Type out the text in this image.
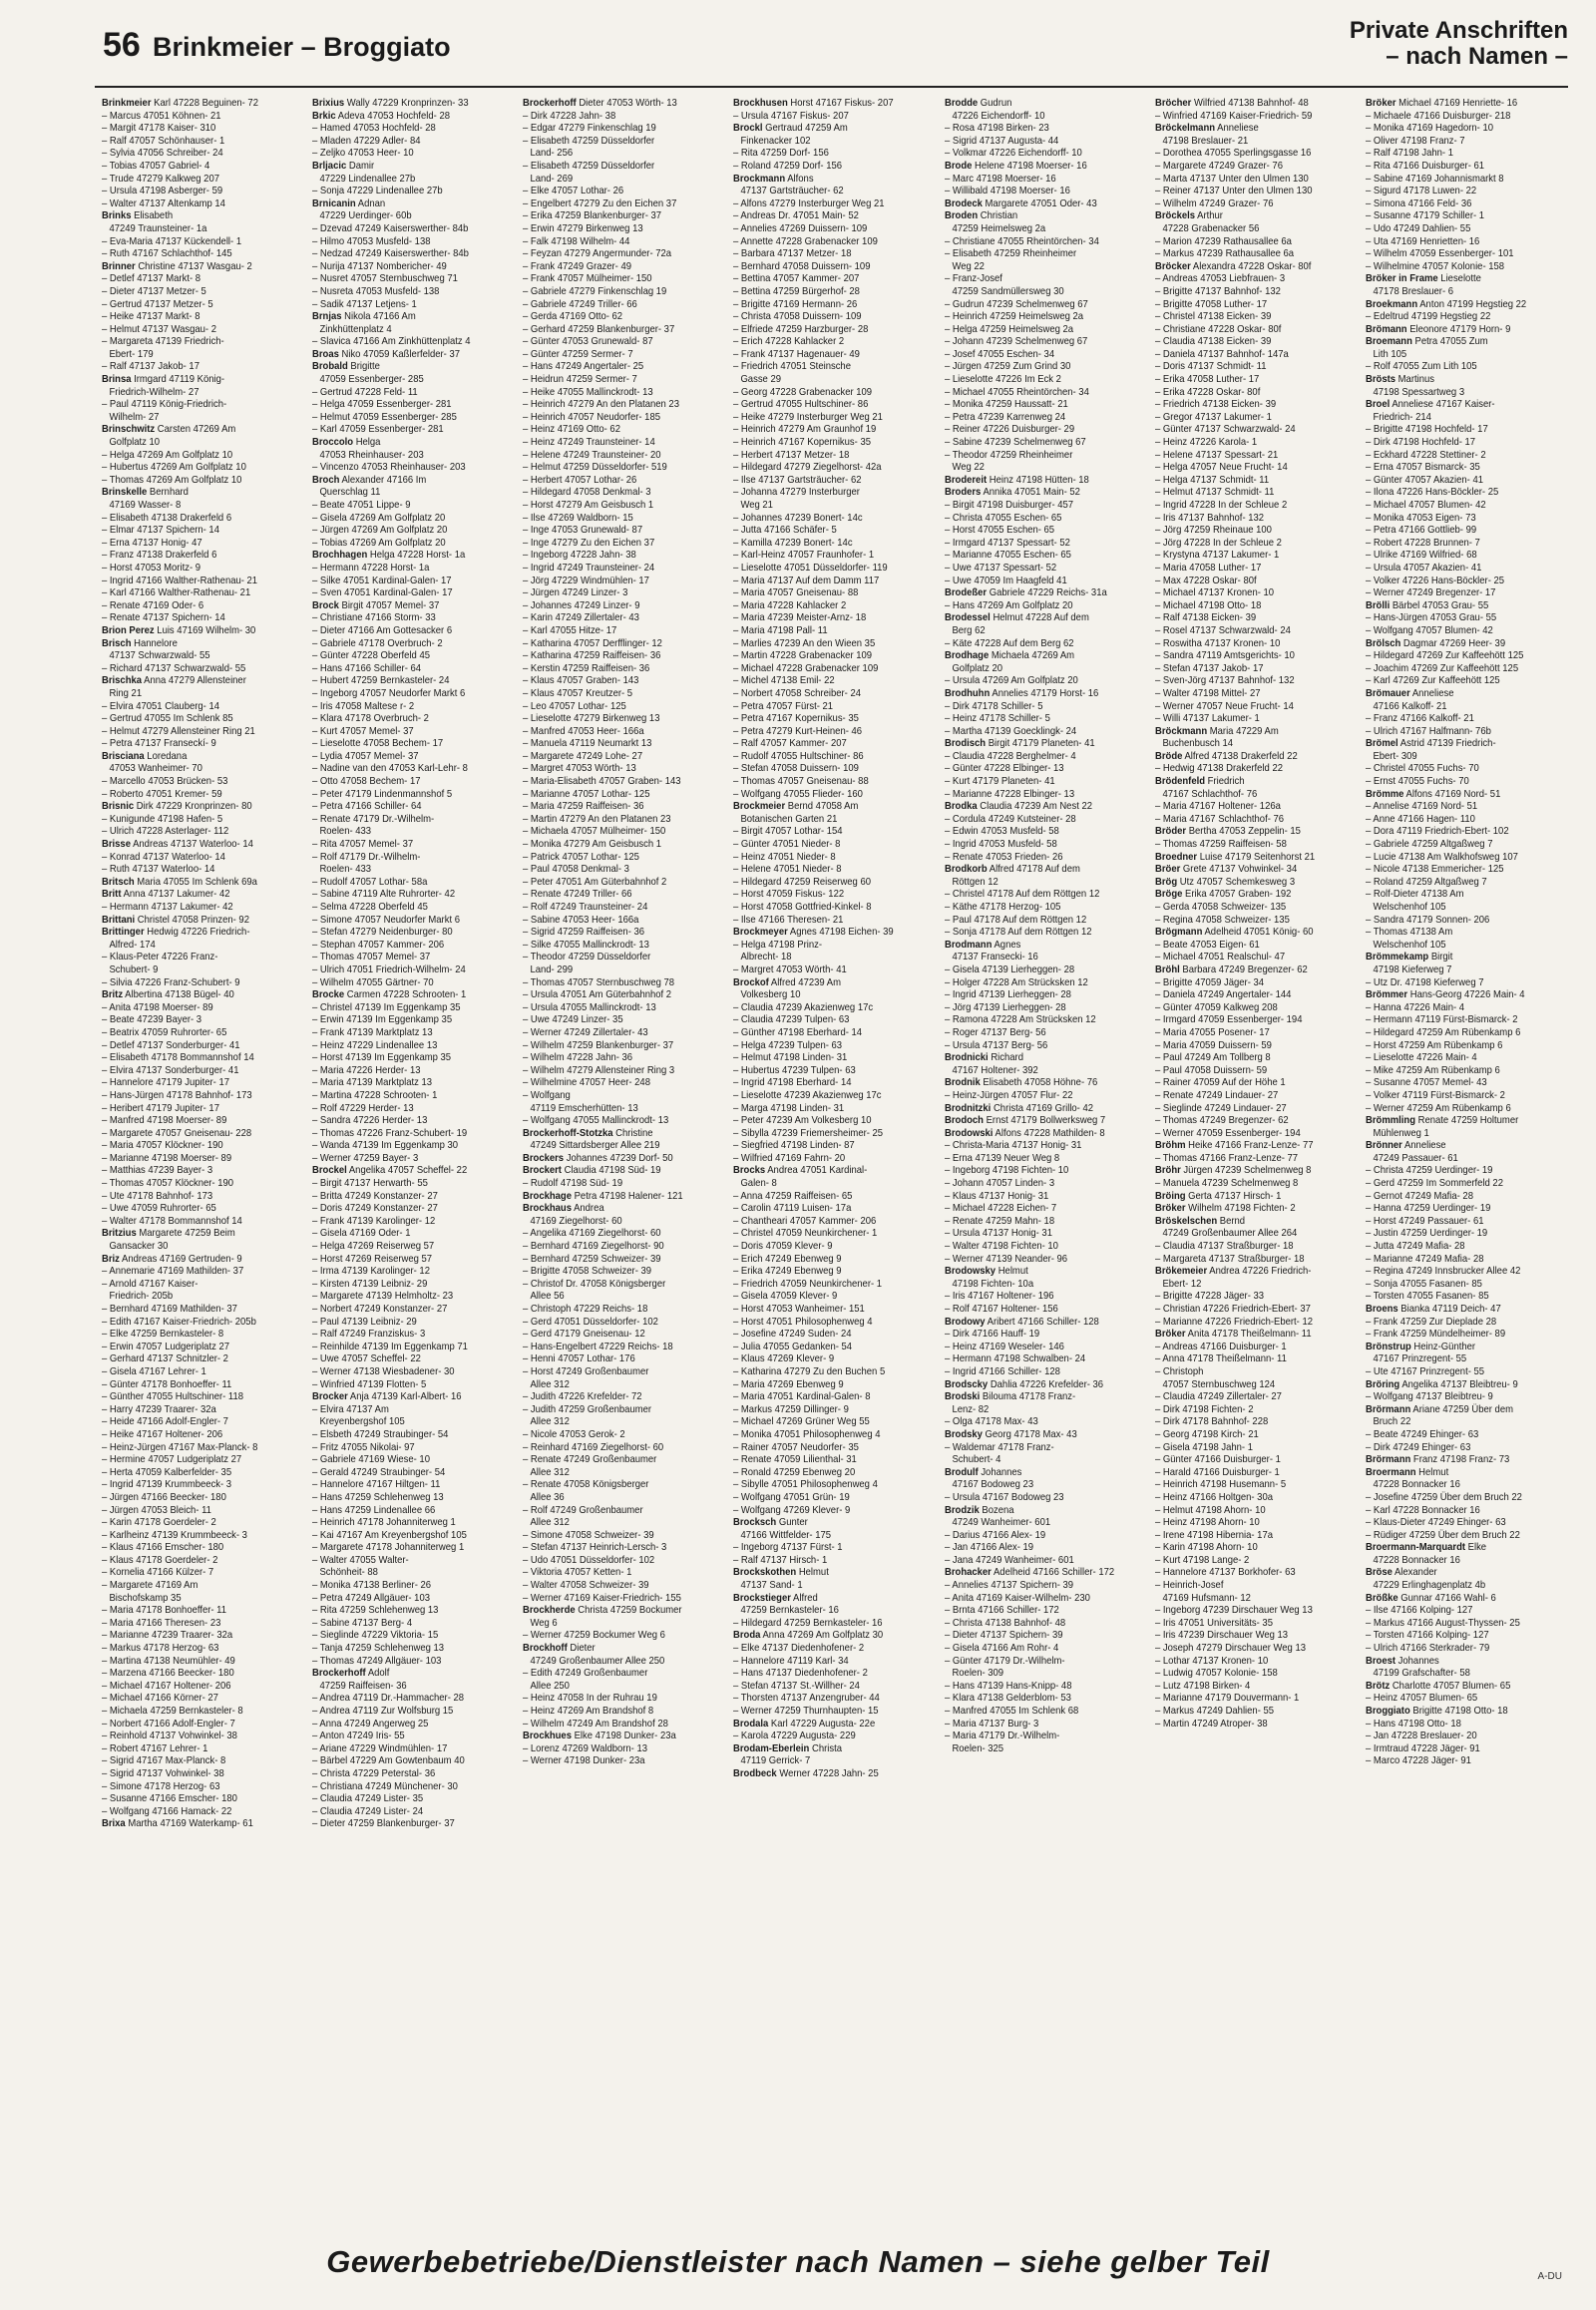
56 Brinkmeier – Broggiato
Private Anschriften
– nach Namen –
Brinkmeier Karl 47228 Beguinen- 72
– Marcus 47051 Köhnen- 21
– Margit 47178 Kaiser- 310
– Ralf 47057 Schönhauser- 1
– Sylvia 47056 Schreiber- 24
– Tobias 47057 Gabriel- 4
– Trude 47279 Kalkweg 207
– Ursula 47198 Asberger- 59
– Walter 47137 Altenkamp 14
Brinks Elisabeth
47249 Traunsteiner- 1a
– Eva-Maria 47137 Kückendell- 1
– Ruth 47167 Schlachthof- 145
Brinner Christine 47137 Wasgau- 2
– Detlef 47137 Markt- 8
– Dieter 47137 Metzer- 5
– Gertrud 47137 Metzer- 5
– Heike 47137 Markt- 8
– Helmut 47137 Wasgau- 2
– Margareta 47139 Friedrich-
Ebert- 179
– Ralf 47137 Jakob- 17
Brinsa Irmgard 47119 König-
Friedrich-Wilhelm- 27
– Paul 47119 König-Friedrich-
Wilhelm- 27
Brinschwitz Carsten 47269 Am
Golfplatz 10
– Helga 47269 Am Golfplatz 10
– Hubertus 47269 Am Golfplatz 10
– Thomas 47269 Am Golfplatz 10
Brinskelle Bernhard
47169 Wasser- 8
– Elisabeth 47138 Drakerfeld 6
– Elmar 47137 Spichern- 14
– Erna 47137 Honig- 47
– Franz 47138 Drakerfeld 6
– Horst 47053 Moritz- 9
– Ingrid 47166 Walther-Rathenau- 21
– Karl 47166 Walther-Rathenau- 21
– Renate 47169 Oder- 6
– Renate 47137 Spichern- 14
Brion Perez Luis 47169 Wilhelm- 30
Brisch Hannelore
47137 Schwarzwald- 55
– Richard 47137 Schwarzwald- 55
Brischka Anna 47279 Allensteiner
Ring 21
– Elvira 47051 Clauberg- 14
– Gertrud 47055 Im Schlenk 85
– Helmut 47279 Allensteiner Ring 21
– Petra 47137 Franseckí- 9
Brisciana Loredana
47053 Wanheimer- 70
– Marcello 47053 Brücken- 53
– Roberto 47051 Kremer- 59
Brisnic Dirk 47229 Kronprinzen- 80
– Kunigunde 47198 Hafen- 5
– Ulrich 47228 Asterlager- 112
Brisse Andreas 47137 Waterloo- 14
– Konrad 47137 Waterloo- 14
– Ruth 47137 Waterloo- 14
Britsch Maria 47055 Im Schlenk 69a
Britt Anna 47137 Lakumer- 42
– Hermann 47137 Lakumer- 42
Brittani Christel 47058 Prinzen- 92
Brittinger Hedwig 47226 Friedrich-
Alfred- 174
– Klaus-Peter 47226 Franz-
Schubert- 9
– Silvia 47226 Franz-Schubert- 9
Britz Albertina 47138 Bügel- 40
– Anita 47198 Moerser- 89
– Beate 47239 Bayer- 3
– Beatrix 47059 Ruhrorter- 65
– Detlef 47137 Sonderburger- 41
– Elisabeth 47178 Bommannshof 14
– Elvira 47137 Sonderburger- 41
– Hannelore 47179 Jupiter- 17
– Hans-Jürgen 47178 Bahnhof- 173
– Heribert 47179 Jupiter- 17
– Manfred 47198 Moerser- 89
– Margarete 47057 Gneisenau- 228
– Maria 47057 Klöckner- 190
– Marianne 47198 Moerser- 89
– Matthias 47239 Bayer- 3
– Thomas 47057 Klöckner- 190
– Ute 47178 Bahnhof- 173
– Uwe 47059 Ruhrorter- 65
– Walter 47178 Bommannshof 14
Britzius Margarete 47259 Beim
Gansacker 30
Briz Andreas 47169 Gertruden- 9
– Annemarie 47169 Mathilden- 37
– Arnold 47167 Kaiser-
Friedrich- 205b
– Bernhard 47169 Mathilden- 37
– Edith 47167 Kaiser-Friedrich- 205b
– Elke 47259 Bernkasteler- 8
– Erwin 47057 Ludgeriplatz 27
– Gerhard 47137 Schnitzler- 2
– Gisela 47167 Lehrer- 1
– Günter 47178 Bonhoeffer- 11
– Günther 47055 Hultschiner- 118
– Harry 47239 Traarer- 32a
– Heide 47166 Adolf-Engler- 7
– Heike 47167 Holtener- 206
– Heinz-Jürgen 47167 Max-Planck- 8
– Hermine 47057 Ludgeriplatz 27
– Herta 47059 Kalberfelder- 35
– Ingrid 47139 Krummbeeck- 3
– Jürgen 47166 Beecker- 180
– Jürgen 47053 Bleich- 11
– Karin 47178 Goerdeler- 2
– Karlheinz 47139 Krummbeeck- 3
– Klaus 47166 Emscher- 180
– Klaus 47178 Goerdeler- 2
– Kornelia 47166 Külzer- 7
– Margarete 47169 Am
Bischofskamp 35
– Maria 47178 Bonhoeffer- 11
– Maria 47166 Theresen- 23
– Marianne 47239 Traarer- 32a
– Markus 47178 Herzog- 63
– Martina 47138 Neumühler- 49
– Marzena 47166 Beecker- 180
– Michael 47167 Holtener- 206
– Michael 47166 Körner- 27
– Michaela 47259 Bernkasteler- 8
– Norbert 47166 Adolf-Engler- 7
– Reinhold 47137 Vohwinkel- 38
– Robert 47167 Lehrer- 1
– Sigrid 47167 Max-Planck- 8
– Sigrid 47137 Vohwinkel- 38
– Simone 47178 Herzog- 63
– Susanne 47166 Emscher- 180
– Wolfgang 47166 Hamack- 22
Brixa Martha 47169 Waterkamp- 61
Brixius Wally 47229 Kronprinzen- 33
Brkic Adeva 47053 Hochfeld- 28
– Hamed 47053 Hochfeld- 28
– Mladen 47229 Adler- 84
– Zeljko 47053 Heer- 10
Brljacic Damir
47229 Lindenallee 27b
– Sonja 47229 Lindenallee 27b
Brnicanin Adnan
47229 Uerdinger- 60b
– Dzevad 47249 Kaiserswerther- 84b
– Hilmo 47053 Musfeld- 138
– Nedzad 47249 Kaiserswerther- 84b
– Nurija 47137 Nombericher- 49
– Nusret 47057 Sternbuschweg 71
– Nusreta 47053 Musfeld- 138
– Sadik 47137 Letjens- 1
Brnjas Nikola 47166 Am
Zinkhüttenplatz 4
– Slavica 47166 Am Zinkhüttenplatz 4
Broas Niko 47059 Kaßlerfelder- 37
Brobald Brigitte
47059 Essenberger- 285
– Gertrud 47228 Feld- 11
– Helga 47059 Essenberger- 281
– Helmut 47059 Essenberger- 285
– Karl 47059 Essenberger- 281
Broccolo Helga
47053 Rheinhauser- 203
– Vincenzo 47053 Rheinhauser- 203
Broch Alexander 47166 Im
Querschlag 11
– Beate 47051 Lippe- 9
– Gisela 47269 Am Golfplatz 20
– Jürgen 47269 Am Golfplatz 20
– Tobias 47269 Am Golfplatz 20
Brochhagen Helga 47228 Horst- 1a
– Hermann 47228 Horst- 1a
– Silke 47051 Kardinal-Galen- 17
– Sven 47051 Kardinal-Galen- 17
Brock Birgit 47057 Memel- 37
– Christiane 47166 Storm- 33
– Dieter 47166 Am Gottesacker 6
– Gabriele 47178 Overbruch- 2
– Günter 47228 Oberfeld 45
– Hans 47166 Schiller- 64
– Hubert 47259 Bernkasteler- 24
– Ingeborg 47057 Neudorfer Markt 6
– Iris 47058 Maltese r- 2
– Klara 47178 Overbruch- 2
– Kurt 47057 Memel- 37
– Lieselotte 47058 Bechem- 17
– Lydia 47057 Memel- 37
– Nadine van den 47053 Karl-Lehr- 8
– Otto 47058 Bechem- 17
– Peter 47179 Lindenmannshof 5
– Petra 47166 Schiller- 64
– Renate 47179 Dr.-Wilhelm-
Roelen- 433
– Rita 47057 Memel- 37
– Rolf 47179 Dr.-Wilhelm-
Roelen- 433
– Rudolf 47057 Lothar- 58a
– Sabine 47119 Alte Ruhrorter- 42
– Selma 47228 Oberfeld 45
– Simone 47057 Neudorfer Markt 6
– Stefan 47279 Neidenburger- 80
– Stephan 47057 Kammer- 206
– Thomas 47057 Memel- 37
– Ulrich 47051 Friedrich-Wilhelm- 24
– Wilhelm 47055 Gärtner- 70
Brocke Carmen 47228 Schrooten- 1
– Christel 47139 Im Eggenkamp 35
– Erwin 47139 Im Eggenkamp 35
– Frank 47139 Marktplatz 13
– Heinz 47229 Lindenallee 13
– Horst 47139 Im Eggenkamp 35
– Maria 47226 Herder- 13
– Maria 47139 Marktplatz 13
– Martina 47228 Schrooten- 1
– Rolf 47229 Herder- 13
– Sandra 47226 Herder- 13
– Thomas 47226 Franz-Schubert- 19
– Wanda 47139 Im Eggenkamp 30
– Werner 47259 Bayer- 3
Brockel Angelika 47057 Scheffel- 22
– Birgit 47137 Herwarth- 55
– Britta 47249 Konstanzer- 27
– Doris 47249 Konstanzer- 27
– Frank 47139 Karolinger- 12
– Gisela 47169 Oder- 1
– Helga 47269 Reiserweg 57
– Horst 47269 Reiserweg 57
– Irma 47139 Karolinger- 12
– Kirsten 47139 Leibniz- 29
– Margarete 47139 Helmholtz- 23
– Norbert 47249 Konstanzer- 27
– Paul 47139 Leibniz- 29
– Ralf 47249 Franziskus- 3
– Reinhilde 47139 Im Eggenkamp 71
– Uwe 47057 Scheffel- 22
– Werner 47138 Wiesbadener- 30
– Winfried 47139 Flotten- 5
Brocker Anja 47139 Karl-Albert- 16
– Elvira 47137 Am
Kreyenbergshof 105
– Elsbeth 47249 Straubinger- 54
– Fritz 47055 Nikolai- 97
– Gabriele 47169 Wiese- 10
– Gerald 47249 Straubinger- 54
– Hannelore 47167 Hiltgen- 11
– Hans 47259 Schlehenweg 13
– Hans 47259 Lindenallee 66
– Heinrich 47178 Johanniterweg 1
– Kai 47167 Am Kreyenbergshof 105
– Margarete 47178 Johanniterweg 1
– Walter 47055 Walter-
Schönheit- 88
– Monika 47138 Berliner- 26
– Petra 47249 Allgäuer- 103
– Rita 47259 Schlehenweg 13
– Sabine 47137 Berg- 4
– Sieglinde 47229 Viktoria- 15
– Tanja 47259 Schlehenweg 13
– Thomas 47249 Allgäuer- 103
Brockerhoff Adolf
47259 Raiffeisen- 36
– Andrea 47119 Dr.-Hammacher- 28
– Andrea 47119 Zur Wolfsburg 15
– Anna 47249 Angerweg 25
– Anton 47249 Iris- 55
– Ariane 47229 Windmühlen- 17
– Bärbel 47229 Am Gowtenbaum 40
– Christa 47229 Peterstal- 36
– Christiana 47249 Münchener- 30
– Claudia 47249 Lister- 35
– Claudia 47249 Lister- 24
– Dieter 47259 Blankenburger- 37
Brockerhoff Dieter 47053 Wörth- 13
– Dirk 47228 Jahn- 38
– Edgar 47279 Finkenschlag 19
– Elisabeth 47259 Düsseldorfer
Land- 256
– Elisabeth 47259 Düsseldorfer
Land- 269
– Elke 47057 Lothar- 26
– Engelbert 47279 Zu den Eichen 37
– Erika 47259 Blankenburger- 37
– Erwin 47279 Birkenweg 13
– Falk 47198 Wilhelm- 44
– Feyzan 47279 Angermunder- 72a
– Frank 47249 Grazer- 49
– Frank 47057 Mülheimer- 150
– Gabriele 47279 Finkenschlag 19
– Gabriele 47249 Triller- 66
– Gerda 47169 Otto- 62
– Gerhard 47259 Blankenburger- 37
– Günter 47053 Grunewald- 87
– Günter 47259 Sermer- 7
– Hans 47249 Angertaler- 25
– Heidrun 47259 Sermer- 7
– Heike 47055 Mallinckrodt- 13
– Heinrich 47279 An den Platanen 23
– Heinrich 47057 Neudorfer- 185
– Heinz 47169 Otto- 62
– Heinz 47249 Traunsteiner- 14
– Helene 47249 Traunsteiner- 20
– Helmut 47259 Düsseldorfer- 519
– Herbert 47057 Lothar- 26
– Hildegard 47058 Denkmal- 3
– Horst 47279 Am Geisbusch 1
– Ilse 47269 Waldborn- 15
– Inge 47053 Grunewald- 87
– Inge 47279 Zu den Eichen 37
– Ingeborg 47228 Jahn- 38
– Ingrid 47249 Traunsteiner- 24
– Jörg 47229 Windmühlen- 17
– Jürgen 47249 Linzer- 3
– Johannes 47249 Linzer- 9
– Karin 47249 Zillertaler- 43
– Karl 47055 Hitze- 17
– Katharina 47057 Derfflinger- 12
– Katharina 47259 Raiffeisen- 36
– Kerstin 47259 Raiffeisen- 36
– Klaus 47057 Graben- 143
– Klaus 47057 Kreutzer- 5
– Leo 47057 Lothar- 125
– Lieselotte 47279 Birkenweg 13
– Manfred 47053 Heer- 166a
– Manuela 47119 Neumarkt 13
– Margarete 47249 Lohe- 27
– Margret 47053 Wörth- 13
– Maria-Elisabeth 47057 Graben- 143
– Marianne 47057 Lothar- 125
– Maria 47259 Raiffeisen- 36
– Martin 47279 An den Platanen 23
– Michaela 47057 Mülheimer- 150
– Monika 47279 Am Geisbusch 1
– Patrick 47057 Lothar- 125
– Paul 47058 Denkmal- 3
– Peter 47051 Am Güterbahnhof 2
– Renate 47249 Triller- 66
– Rolf 47249 Traunsteiner- 24
– Sabine 47053 Heer- 166a
– Sigrid 47259 Raiffeisen- 36
– Silke 47055 Mallinckrodt- 13
– Theodor 47259 Düsseldorfer
Land- 299
– Thomas 47057 Sternbuschweg 78
– Ursula 47051 Am Güterbahnhof 2
– Ursula 47055 Mallinckrodt- 13
– Uwe 47249 Linzer- 35
– Werner 47249 Zillertaler- 43
– Wilhelm 47259 Blankenburger- 37
– Wilhelm 47228 Jahn- 36
– Wilhelm 47279 Allensteiner Ring 3
– Wilhelmine 47057 Heer- 248
– Wolfgang
47119 Emscherhütten- 13
– Wolfgang 47055 Mallinckrodt- 13
Brockerhoff-Stotzka Christine
47249 Sittardsberger Allee 219
Brockers Johannes 47239 Dorf- 50
Brockert Claudia 47198 Süd- 19
– Rudolf 47198 Süd- 19
Brockhage Petra 47198 Halener- 121
Brockhaus Andrea
47169 Ziegelhorst- 60
– Angelika 47169 Ziegelhorst- 60
– Bernhard 47169 Ziegelhorst- 90
– Bernhard 47259 Schweizer- 39
– Brigitte 47058 Schweizer- 39
– Christof Dr. 47058 Königsberger
Allee 56
– Christoph 47229 Reichs- 18
– Gerd 47051 Düsseldorfer- 102
– Gerd 47179 Gneisenau- 12
– Hans-Engelbert 47229 Reichs- 18
– Henni 47057 Lothar- 176
– Horst 47249 Großenbaumer
Allee 312
– Judith 47226 Krefelder- 72
– Judith 47259 Großenbaumer
Allee 312
– Nicole 47053 Gerok- 2
– Reinhard 47169 Ziegelhorst- 60
– Renate 47249 Großenbaumer
Allee 312
– Renate 47058 Königsberger
Allee 36
– Rolf 47249 Großenbaumer
Allee 312
– Simone 47058 Schweizer- 39
– Stefan 47137 Heinrich-Lersch- 3
– Udo 47051 Düsseldorfer- 102
– Viktoria 47057 Ketten- 1
– Walter 47058 Schweizer- 39
– Werner 47169 Kaiser-Friedrich- 155
Brockherde Christa 47259 Bockumer
Weg 6
– Werner 47259 Bockumer Weg 6
Brockhoff Dieter
47249 Großenbaumer Allee 250
– Edith 47249 Großenbaumer
Allee 250
– Heinz 47058 In der Ruhrau 19
– Heinz 47269 Am Brandshof 8
– Wilhelm 47249 Am Brandshof 28
Brockhues Elke 47198 Dunker- 23a
– Lorenz 47269 Waldborn- 13
– Werner 47198 Dunker- 23a
Brockhusen Horst 47167 Fiskus- 207
– Ursula 47167 Fiskus- 207
Brockl Gertraud 47259 Am
Finkenacker 102
– Rita 47259 Dorf- 156
– Roland 47259 Dorf- 156
Brockmann Alfons
47137 Gartsträucher- 62
– Alfons 47279 Insterburger Weg 21
– Andreas Dr. 47051 Main- 52
– Annelies 47269 Duissern- 109
– Annette 47228 Grabenacker 109
– Barbara 47137 Metzer- 18
– Bernhard 47058 Duissern- 109
– Bettina 47057 Kammer- 207
– Bettina 47259 Bürgerhof- 28
– Brigitte 47169 Hermann- 26
– Christa 47058 Duissern- 109
– Elfriede 47259 Harzburger- 28
– Erich 47228 Kahlacker 2
– Frank 47137 Hagenauer- 49
– Friedrich 47051 Steinsche
Gasse 29
– Georg 47228 Grabenacker 109
– Gertrud 47055 Hultschiner- 86
– Heike 47279 Insterburger Weg 21
– Heinrich 47279 Am Graunhof 19
– Heinrich 47167 Kopernikus- 35
– Herbert 47137 Metzer- 18
– Hildegard 47279 Ziegelhorst- 42a
– Ilse 47137 Gartsträucher- 62
– Johanna 47279 Insterburger
Weg 21
– Johannes 47239 Bonert- 14c
– Jutta 47166 Schäfer- 5
– Kamilla 47239 Bonert- 14c
– Karl-Heinz 47057 Fraunhofer- 1
– Lieselotte 47051 Düsseldorfer- 119
– Maria 47137 Auf dem Damm 117
– Maria 47057 Gneisenau- 88
– Maria 47228 Kahlacker 2
– Maria 47239 Meister-Arnz- 18
– Maria 47198 Pall- 11
– Marlies 47239 An den Wieen 35
– Martin 47228 Grabenacker 109
– Michael 47228 Grabenacker 109
– Michel 47138 Emil- 22
– Norbert 47058 Schreiber- 24
– Petra 47057 Fürst- 21
– Petra 47167 Kopernikus- 35
– Petra 47279 Kurt-Heinen- 46
– Ralf 47057 Kammer- 207
– Rudolf 47055 Hultschiner- 86
– Stefan 47058 Duissern- 109
– Thomas 47057 Gneisenau- 88
– Wolfgang 47055 Flieder- 160
Brockmeier Bernd 47058 Am
Botanischen Garten 21
– Birgit 47057 Lothar- 154
– Günter 47051 Nieder- 8
– Heinz 47051 Nieder- 8
– Helene 47051 Nieder- 8
– Hildegard 47259 Reiserweg 60
– Horst 47059 Fiskus- 122
– Horst 47058 Gottfried-Kinkel- 8
– Ilse 47166 Theresen- 21
Brockmeyer Agnes 47198 Eichen- 39
– Helga 47198 Prinz-
Albrecht- 18
– Margret 47053 Wörth- 41
Brockof Alfred 47239 Am
Volkesberg 10
– Claudia 47239 Akazienweg 17c
– Claudia 47239 Tulpen- 63
– Günther 47198 Eberhard- 14
– Helga 47239 Tulpen- 63
– Helmut 47198 Linden- 31
– Hubertus 47239 Tulpen- 63
– Ingrid 47198 Eberhard- 14
– Lieselotte 47239 Akazienweg 17c
– Marga 47198 Linden- 31
– Peter 47239 Am Volkesberg 10
– Sibylla 47239 Friemersheimer- 25
– Siegfried 47198 Linden- 87
– Wilfried 47169 Fahrn- 20
Brocks Andrea 47051 Kardinal-
Galen- 8
– Anna 47259 Raiffeisen- 65
– Carolin 47119 Luisen- 17a
– Chantheari 47057 Kammer- 206
– Christel 47059 Neunkirchener- 1
– Doris 47059 Klever- 9
– Erich 47249 Ebenweg 9
– Erika 47249 Ebenweg 9
– Friedrich 47059 Neunkirchener- 1
– Gisela 47059 Klever- 9
– Horst 47053 Wanheimer- 151
– Horst 47051 Philosophenweg 4
– Josefine 47249 Suden- 24
– Julia 47055 Gedanken- 54
– Klaus 47269 Klever- 9
– Katharina 47279 Zu den Buchen 5
– Maria 47269 Ebenweg 9
– Maria 47051 Kardinal-Galen- 8
– Markus 47259 Dillinger- 9
– Michael 47269 Grüner Weg 55
– Monika 47051 Philosophenweg 4
– Rainer 47057 Neudorfer- 35
– Renate 47059 Lilienthal- 31
– Ronald 47259 Ebenweg 20
– Sibylle 47051 Philosophenweg 4
– Wolfgang 47051 Grün- 19
– Wolfgang 47269 Klever- 9
Brocksch Gunter
47166 Wittfelder- 175
– Ingeborg 47137 Fürst- 1
– Ralf 47137 Hirsch- 1
Brockskothen Helmut
47137 Sand- 1
Brockstieger Alfred
47259 Bernkasteler- 16
– Hildegard 47259 Bernkasteler- 16
Broda Anna 47269 Am Golfplatz 30
– Elke 47137 Diedenhofener- 2
– Hannelore 47119 Karl- 34
– Hans 47137 Diedenhofener- 2
– Stefan 47137 St.-Willher- 24
– Thorsten 47137 Anzengruber- 44
– Werner 47259 Thurnhaupten- 15
Brodala Karl 47229 Augusta- 22e
– Karola 47229 Augusta- 229
Brodam-Eberlein Christa
47119 Gerrick- 7
Brodbeck Werner 47228 Jahn- 25
Brodde Gudrun
47226 Eichendorff- 10
– Rosa 47198 Birken- 23
– Sigrid 47137 Augusta- 44
– Volkmar 47226 Eichendorff- 10
Brode Helene 47198 Moerser- 16
– Marc 47198 Moerser- 16
– Willibald 47198 Moerser- 16
Brodeck Margarete 47051 Oder- 43
Broden Christian
47259 Heimelsweg 2a
– Christiane 47055 Rheintörchen- 34
– Elisabeth 47259 Rheinheimer
Weg 22
– Franz-Josef
47259 Sandmüllersweg 30
– Gudrun 47239 Schelmenweg 67
– Heinrich 47259 Heimelsweg 2a
– Helga 47259 Heimelsweg 2a
– Johann 47239 Schelmenweg 67
– Josef 47055 Eschen- 34
– Jürgen 47259 Zum Grind 30
– Lieselotte 47226 Im Eck 2
– Michael 47055 Rheintörchen- 34
– Monika 47259 Haussatt- 21
– Petra 47239 Karrenweg 24
– Reiner 47226 Duisburger- 29
– Sabine 47239 Schelmenweg 67
– Theodor 47259 Rheinheimer
Weg 22
Brodereit Heinz 47198 Hütten- 18
Broders Annika 47051 Main- 52
– Birgit 47198 Duisburger- 457
– Christa 47055 Eschen- 65
– Horst 47055 Eschen- 65
– Irmgard 47137 Spessart- 52
– Marianne 47055 Eschen- 65
– Uwe 47137 Spessart- 52
– Uwe 47059 Im Haagfeld 41
Brodeßer Gabriele 47229 Reichs- 31a
– Hans 47269 Am Golfplatz 20
Brodessel Helmut 47228 Auf dem
Berg 62
– Käte 47228 Auf dem Berg 62
Brodhage Michaela 47269 Am
Golfplatz 20
– Ursula 47269 Am Golfplatz 20
Brodhuhn Annelies 47179 Horst- 16
– Dirk 47178 Schiller- 5
– Heinz 47178 Schiller- 5
– Martha 47139 Goecklingk- 24
Brodisch Birgit 47179 Planeten- 41
– Claudia 47228 Berghelmer- 4
– Günter 47228 Elbinger- 13
– Kurt 47179 Planeten- 41
– Marianne 47228 Elbinger- 13
Brodka Claudia 47239 Am Nest 22
– Cordula 47249 Kutsteiner- 28
– Edwin 47053 Musfeld- 58
– Ingrid 47053 Musfeld- 58
– Renate 47053 Frieden- 26
Brodkorb Alfred 47178 Auf dem
Röttgen 12
– Christel 47178 Auf dem Röttgen 12
– Käthe 47178 Herzog- 105
– Paul 47178 Auf dem Röttgen 12
– Sonja 47178 Auf dem Röttgen 12
Brodmann Agnes
47137 Fransecki- 16
– Gisela 47139 Lierheggen- 28
– Holger 47228 Am Strücksken 12
– Ingrid 47139 Lierheggen- 28
– Jörg 47139 Lierheggen- 28
– Ramona 47228 Am Strücksken 12
– Roger 47137 Berg- 56
– Ursula 47137 Berg- 56
Brodnicki Richard
47167 Holtener- 392
Brodnik Elisabeth 47058 Höhne- 76
– Heinz-Jürgen 47057 Flur- 22
Brodnitzki Christa 47169 Grillo- 42
Brodoch Ernst 47179 Bollwerksweg 7
Brodowski Alfons 47228 Mathilden- 8
– Christa-Maria 47137 Honig- 31
– Erna 47139 Neuer Weg 8
– Ingeborg 47198 Fichten- 10
– Johann 47057 Linden- 3
– Klaus 47137 Honig- 31
– Michael 47228 Eichen- 7
– Renate 47259 Mahn- 18
– Ursula 47137 Honig- 31
– Walter 47198 Fichten- 10
– Werner 47139 Neander- 96
Brodowsky Helmut
47198 Fichten- 10a
– Iris 47167 Holtener- 196
– Rolf 47167 Holtener- 156
Brodowy Aribert 47166 Schiller- 128
– Dirk 47166 Hauff- 19
– Heinz 47169 Weseler- 146
– Hermann 47198 Schwalben- 24
– Ingrid 47166 Schiller- 128
Brodscky Dahlia 47226 Krefelder- 36
Brodski Bilouma 47178 Franz-
Lenz- 82
– Olga 47178 Max- 43
Brodsky Georg 47178 Max- 43
– Waldemar 47178 Franz-
Schubert- 4
Brodulf Johannes
47167 Bodoweg 23
– Ursula 47167 Bodoweg 23
Brodzik Bozena
47249 Wanheimer- 601
– Darius 47166 Alex- 19
– Jan 47166 Alex- 19
– Jana 47249 Wanheimer- 601
Brohacker Adelheid 47166 Schiller- 172
– Annelies 47137 Spichern- 39
– Anita 47169 Kaiser-Wilhelm- 230
– Brnta 47166 Schiller- 172
– Christa 47138 Bahnhof- 48
– Dieter 47137 Spichern- 39
– Gisela 47166 Am Rohr- 4
– Günter 47179 Dr.-Wilhelm-
Roelen- 309
– Hans 47139 Hans-Knipp- 48
– Klara 47138 Gelderblom- 53
– Manfred 47055 Im Schlenk 68
– Maria 47137 Burg- 3
– Maria 47179 Dr.-Wilhelm-
Roelen- 325
Bröcher Wilfried 47138 Bahnhof- 48
– Winfried 47169 Kaiser-Friedrich- 59
Bröckelmann Anneliese
47198 Breslauer- 21
– Dorothea 47055 Sperlingsgasse 16
– Margarete 47249 Grazer- 76
– Marta 47137 Unter den Ulmen 130
– Reiner 47137 Unter den Ulmen 130
– Wilhelm 47249 Grazer- 76
Bröckels Arthur
47228 Grabenacker 56
– Marion 47239 Rathausallee 6a
– Markus 47239 Rathausallee 6a
Bröcker Alexandra 47228 Oskar- 80f
– Andreas 47053 Liebfrauen- 3
– Brigitte 47137 Bahnhof- 132
– Brigitte 47058 Luther- 17
– Christel 47138 Eicken- 39
– Christiane 47228 Oskar- 80f
– Claudia 47138 Eicken- 39
– Daniela 47137 Bahnhof- 147a
– Doris 47137 Schmidt- 11
– Erika 47058 Luther- 17
– Erika 47228 Oskar- 80f
– Friedrich 47138 Eicken- 39
– Gregor 47137 Lakumer- 1
– Günter 47137 Schwarzwald- 24
– Heinz 47226 Karola- 1
– Helene 47137 Spessart- 21
– Helga 47057 Neue Frucht- 14
– Helga 47137 Schmidt- 11
– Helmut 47137 Schmidt- 11
– Ingrid 47228 In der Schleue 2
– Iris 47137 Bahnhof- 132
– Jörg 47259 Rheinaue 100
– Jörg 47228 In der Schleue 2
– Krystyna 47137 Lakumer- 1
– Maria 47058 Luther- 17
– Max 47228 Oskar- 80f
– Michael 47137 Kronen- 10
– Michael 47198 Otto- 18
– Ralf 47138 Eicken- 39
– Rosel 47137 Schwarzwald- 24
– Roswitha 47137 Kronen- 10
– Sandra 47119 Amtsgerichts- 10
– Stefan 47137 Jakob- 17
– Sven-Jörg 47137 Bahnhof- 132
– Walter 47198 Mittel- 27
– Werner 47057 Neue Frucht- 14
– Willi 47137 Lakumer- 1
Bröckmann Maria 47229 Am
Buchenbusch 14
Bröde Alfred 47138 Drakerfeld 22
– Hedwig 47138 Drakerfeld 22
Brödenfeld Friedrich
47167 Schlachthof- 76
– Maria 47167 Holtener- 126a
– Maria 47167 Schlachthof- 76
Bröder Bertha 47053 Zeppelin- 15
– Thomas 47259 Raiffeisen- 58
Broedner Luise 47179 Seitenhorst 21
Bröer Grete 47137 Vohwinkel- 34
Brög Utz 47057 Schemkesweg 3
Bröge Erika 47057 Graben- 192
– Gerda 47058 Schweizer- 135
– Regina 47058 Schweizer- 135
Brögmann Adelheid 47051 König- 60
– Beate 47053 Eigen- 61
– Michael 47051 Realschul- 47
Bröhl Barbara 47249 Bregenzer- 62
– Brigitte 47059 Jäger- 34
– Daniela 47249 Angertaler- 144
– Günter 47059 Kalkweg 208
– Irmgard 47059 Essenberger- 194
– Maria 47055 Posener- 17
– Maria 47059 Duissern- 59
– Paul 47249 Am Tollberg 8
– Paul 47058 Duissern- 59
– Rainer 47059 Auf der Höhe 1
– Renate 47249 Lindauer- 27
– Sieglinde 47249 Lindauer- 27
– Thomas 47249 Bregenzer- 62
– Werner 47059 Essenberger- 194
Bröhm Heike 47166 Franz-Lenze- 77
– Thomas 47166 Franz-Lenze- 77
Bröhr Jürgen 47239 Schelmenweg 8
– Manuela 47239 Schelmenweg 8
Bröing Gerta 47137 Hirsch- 1
Bröker Wilhelm 47198 Fichten- 2
Bröskelschen Bernd
47249 Großenbaumer Allee 264
– Claudia 47137 Straßburger- 18
– Margareta 47137 Straßburger- 18
Brökemeier Andrea 47226 Friedrich-
Ebert- 12
– Brigitte 47228 Jäger- 33
– Christian 47226 Friedrich-Ebert- 37
– Marianne 47226 Friedrich-Ebert- 12
Bröker Anita 47178 Theißelmann- 11
– Andreas 47166 Duisburger- 1
– Anna 47178 Theißelmann- 11
– Christoph
47057 Sternbuschweg 124
– Claudia 47249 Zillertaler- 27
– Dirk 47198 Fichten- 2
– Dirk 47178 Bahnhof- 228
– Georg 47198 Kirch- 21
– Gisela 47198 Jahn- 1
– Günter 47166 Duisburger- 1
– Harald 47166 Duisburger- 1
– Heinrich 47198 Husemann- 5
– Heinz 47166 Holtgen- 30a
– Helmut 47198 Ahorn- 10
– Heinz 47198 Ahorn- 10
– Irene 47198 Hibernia- 17a
– Karin 47198 Ahorn- 10
– Kurt 47198 Lange- 2
– Hannelore 47137 Borkhofer- 63
– Heinrich-Josef
47169 Hufsmann- 12
– Ingeborg 47239 Dirschauer Weg 13
– Iris 47051 Universitäts- 35
– Iris 47239 Dirschauer Weg 13
– Joseph 47279 Dirschauer Weg 13
– Lothar 47137 Kronen- 10
– Ludwig 47057 Kolonie- 158
– Lutz 47198 Birken- 4
– Marianne 47179 Douvermann- 1
– Markus 47249 Dahlien- 55
– Martin 47249 Atroper- 38
Bröker Michael 47169 Henriette- 16
– Michaele 47166 Duisburger- 218
– Monika 47169 Hagedorn- 10
– Oliver 47198 Franz- 7
– Ralf 47198 Jahn- 1
– Rita 47166 Duisburger- 61
– Sabine 47169 Johannismarkt 8
– Sigurd 47178 Luwen- 22
– Simona 47166 Feld- 36
– Susanne 47179 Schiller- 1
– Udo 47249 Dahlien- 55
– Uta 47169 Henrietten- 16
– Wilhelm 47059 Essenberger- 101
– Wilhelmine 47057 Kolonie- 158
Bröker in Frame Lieselotte
47178 Breslauer- 6
Broekmann Anton 47199 Hegstieg 22
– Edeltrud 47199 Hegstieg 22
Brömann Eleonore 47179 Horn- 9
Broemann Petra 47055 Zum
Lith 105
– Rolf 47055 Zum Lith 105
Brösts Martinus
47198 Spessartweg 3
Broel Anneliese 47167 Kaiser-
Friedrich- 214
– Brigitte 47198 Hochfeld- 17
– Dirk 47198 Hochfeld- 17
– Eckhard 47228 Stettiner- 2
– Erna 47057 Bismarck- 35
– Günter 47057 Akazien- 41
– Ilona 47226 Hans-Böckler- 25
– Michael 47057 Blumen- 42
– Monika 47053 Eigen- 73
– Petra 47166 Gottlieb- 99
– Robert 47228 Brunnen- 7
– Ulrike 47169 Wilfried- 68
– Ursula 47057 Akazien- 41
– Volker 47226 Hans-Böckler- 25
– Werner 47249 Bregenzer- 17
Brölli Bärbel 47053 Grau- 55
– Hans-Jürgen 47053 Grau- 55
– Wolfgang 47057 Blumen- 42
Brölsch Dagmar 47269 Heer- 39
– Hildegard 47269 Zur Kaffeehött 125
– Joachim 47269 Zur Kaffeehött 125
– Karl 47269 Zur Kaffeehött 125
Brömauer Anneliese
47166 Kalkoff- 21
– Franz 47166 Kalkoff- 21
– Ulrich 47167 Halfmann- 76b
Brömel Astrid 47139 Friedrich-
Ebert- 309
– Christel 47055 Fuchs- 70
– Ernst 47055 Fuchs- 70
Brömme Alfons 47169 Nord- 51
– Annelise 47169 Nord- 51
– Anne 47166 Hagen- 110
– Dora 47119 Friedrich-Ebert- 102
– Gabriele 47259 Altgaßweg 7
– Lucie 47138 Am Walkhofsweg 107
– Nicole 47138 Emmericher- 125
– Roland 47259 Altgaßweg 7
– Rolf-Dieter 47138 Am
Welschenhof 105
– Sandra 47179 Sonnen- 206
– Thomas 47138 Am
Welschenhof 105
Brömmekamp Birgit
47198 Kieferweg 7
– Utz Dr. 47198 Kieferweg 7
Brömmer Hans-Georg 47226 Main- 4
– Hanna 47226 Main- 4
– Hermann 47119 Fürst-Bismarck- 2
– Hildegard 47259 Am Rübenkamp 6
– Horst 47259 Am Rübenkamp 6
– Lieselotte 47226 Main- 4
– Mike 47259 Am Rübenkamp 6
– Susanne 47057 Memel- 43
– Volker 47119 Fürst-Bismarck- 2
– Werner 47259 Am Rübenkamp 6
Brömmling Renate 47259 Holtumer
Mühlenweg 1
Brönner Anneliese
47249 Passauer- 61
– Christa 47259 Uerdinger- 19
– Gerd 47259 Im Sommerfeld 22
– Gernot 47249 Mafia- 28
– Hanna 47259 Uerdinger- 19
– Horst 47249 Passauer- 61
– Justin 47259 Uerdinger- 19
– Jutta 47249 Mafia- 28
– Marianne 47249 Mafia- 28
– Regina 47249 Innsbrucker Allee 42
– Sonja 47055 Fasanen- 85
– Torsten 47055 Fasanen- 85
Broens Bianka 47119 Deich- 47
– Frank 47259 Zur Dieplade 28
– Frank 47259 Mündelheimer- 89
Brönstrup Heinz-Günther
47167 Prinzregent- 55
– Ute 47167 Prinzregent- 55
Bröring Angelika 47137 Bleibtreu- 9
– Wolfgang 47137 Bleibtreu- 9
Brörmann Ariane 47259 Über dem
Bruch 22
– Beate 47249 Ehinger- 63
– Dirk 47249 Ehinger- 63
Brörmann Franz 47198 Franz- 73
Broermann Helmut
47228 Bonnacker 16
– Josefine 47259 Über dem Bruch 22
– Karl 47228 Bonnacker 16
– Klaus-Dieter 47249 Ehinger- 63
– Rüdiger 47259 Über dem Bruch 22
Broermann-Marquardt Elke
47228 Bonnacker 16
Bröse Alexander
47229 Erlinghagenplatz 4b
Brößke Gunnar 47166 Wahl- 6
– Ilse 47166 Kolping- 127
– Markus 47166 August-Thyssen- 25
– Torsten 47166 Kolping- 127
– Ulrich 47166 Sterkrader- 79
Broest Johannes
47199 Grafschafter- 58
Brötz Charlotte 47057 Blumen- 65
– Heinz 47057 Blumen- 65
Broggiato Brigitte 47198 Otto- 18
– Hans 47198 Otto- 18
– Jan 47228 Breslauer- 20
– Irmtraud 47228 Jäger- 91
– Marco 47228 Jäger- 91
Gewerbebetriebe/Dienstleister nach Namen – siehe gelber Teil	A-DU
